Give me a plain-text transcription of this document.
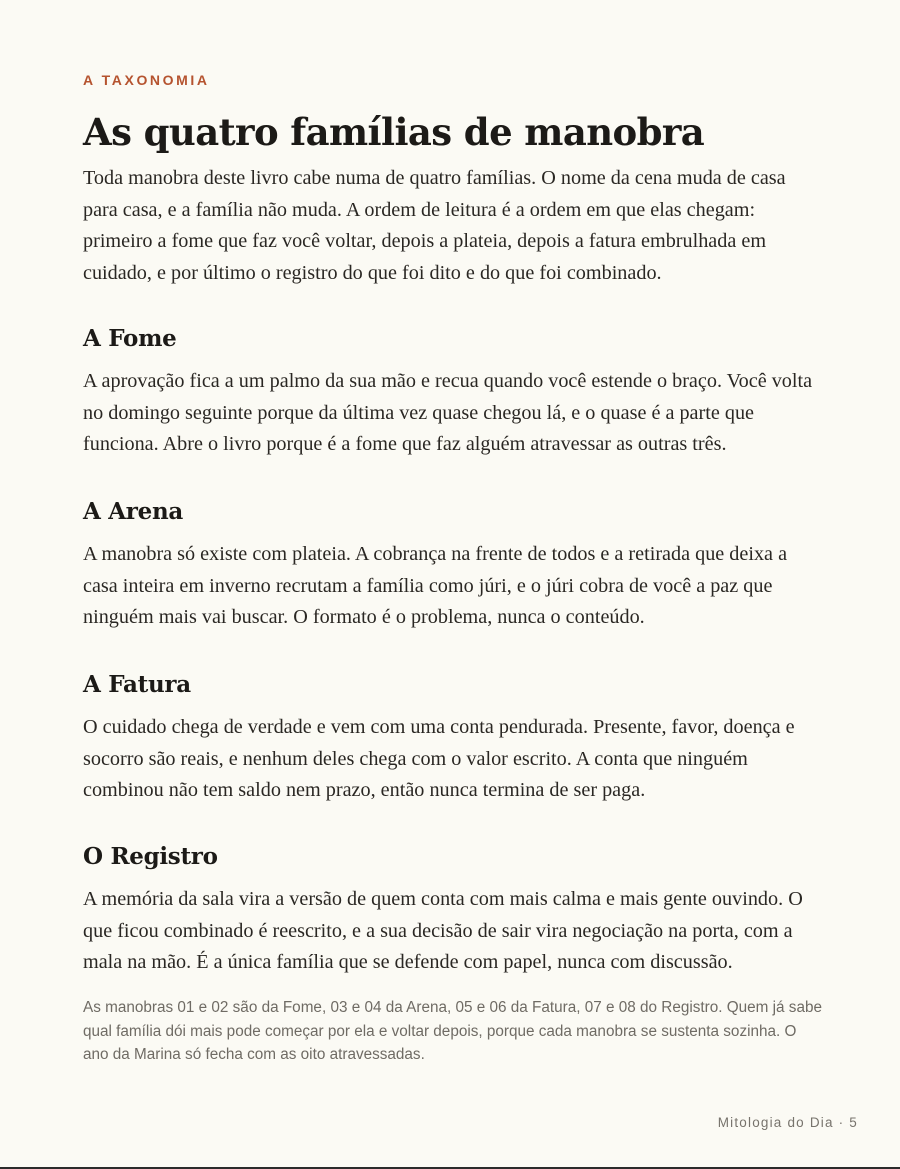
A TAXONOMIA

As quatro famílias de manobra

Toda manobra deste livro cabe numa de quatro famílias. O nome da cena muda de casa para casa, e a família não muda. A ordem de leitura é a ordem em que elas chegam: primeiro a fome que faz você voltar, depois a plateia, depois a fatura embrulhada em cuidado, e por último o registro do que foi dito e do que foi combinado.

A Fome

A aprovação fica a um palmo da sua mão e recua quando você estende o braço. Você volta no domingo seguinte porque da última vez quase chegou lá, e o quase é a parte que funciona. Abre o livro porque é a fome que faz alguém atravessar as outras três.

A Arena

A manobra só existe com plateia. A cobrança na frente de todos e a retirada que deixa a casa inteira em inverno recrutam a família como júri, e o júri cobra de você a paz que ninguém mais vai buscar. O formato é o problema, nunca o conteúdo.

A Fatura

O cuidado chega de verdade e vem com uma conta pendurada. Presente, favor, doença e socorro são reais, e nenhum deles chega com o valor escrito. A conta que ninguém combinou não tem saldo nem prazo, então nunca termina de ser paga.

O Registro

A memória da sala vira a versão de quem conta com mais calma e mais gente ouvindo. O que ficou combinado é reescrito, e a sua decisão de sair vira negociação na porta, com a mala na mão. É a única família que se defende com papel, nunca com discussão.

As manobras 01 e 02 são da Fome, 03 e 04 da Arena, 05 e 06 da Fatura, 07 e 08 do Registro. Quem já sabe qual família dói mais pode começar por ela e voltar depois, porque cada manobra se sustenta sozinha. O ano da Marina só fecha com as oito atravessadas.

Mitologia do Dia · 5
